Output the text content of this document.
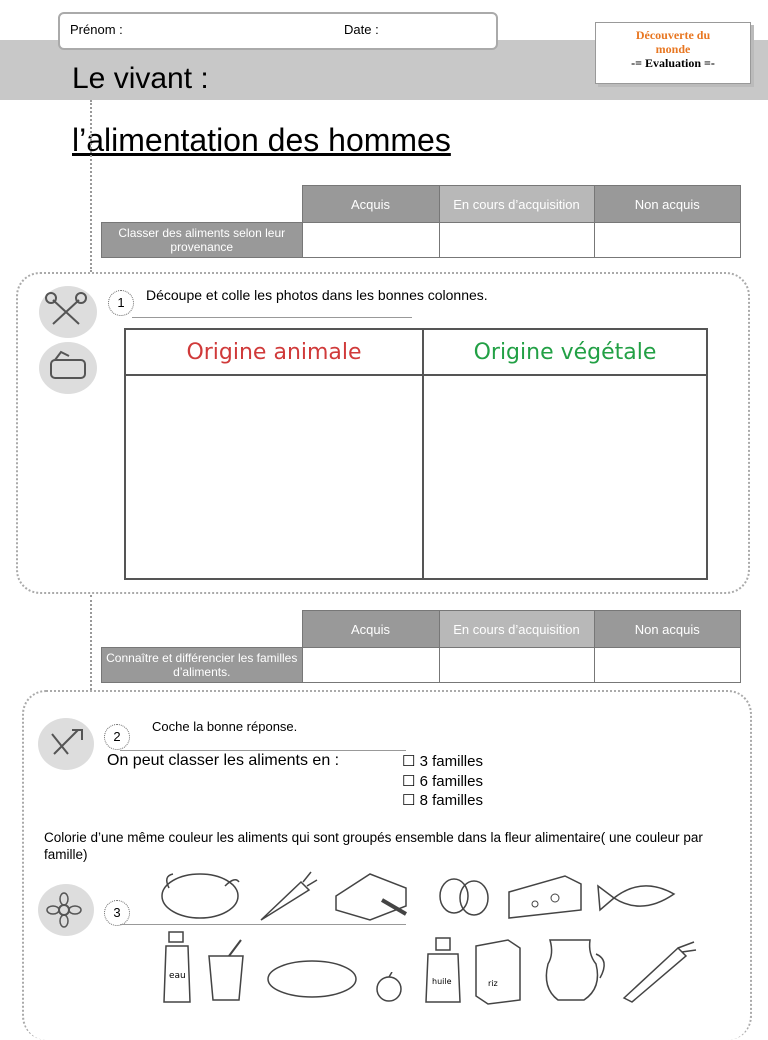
Prénom :	Date :	Découverte du
monde
-= Evaluation =-
Le vivant :
l’alimentation des hommes
	Acquis	En cours d’acquisition	Non acquis
Classer des aliments selon leur provenance			
1	Découpe et colle les photos dans les bonnes colonnes.
Origine animale	Origine végétale

	Acquis	En cours d’acquisition	Non acquis
Connaître et différencier les familles d’aliments.			
2
Coche la bonne réponse.
On peut classer les aliments en :	☐ 3 familles
☐ 6 familles
☐ 8 familles
Colorie d’une même couleur les aliments qui sont groupés ensemble dans la fleur alimentaire( une couleur par famille)
3
eau
huile	riz
